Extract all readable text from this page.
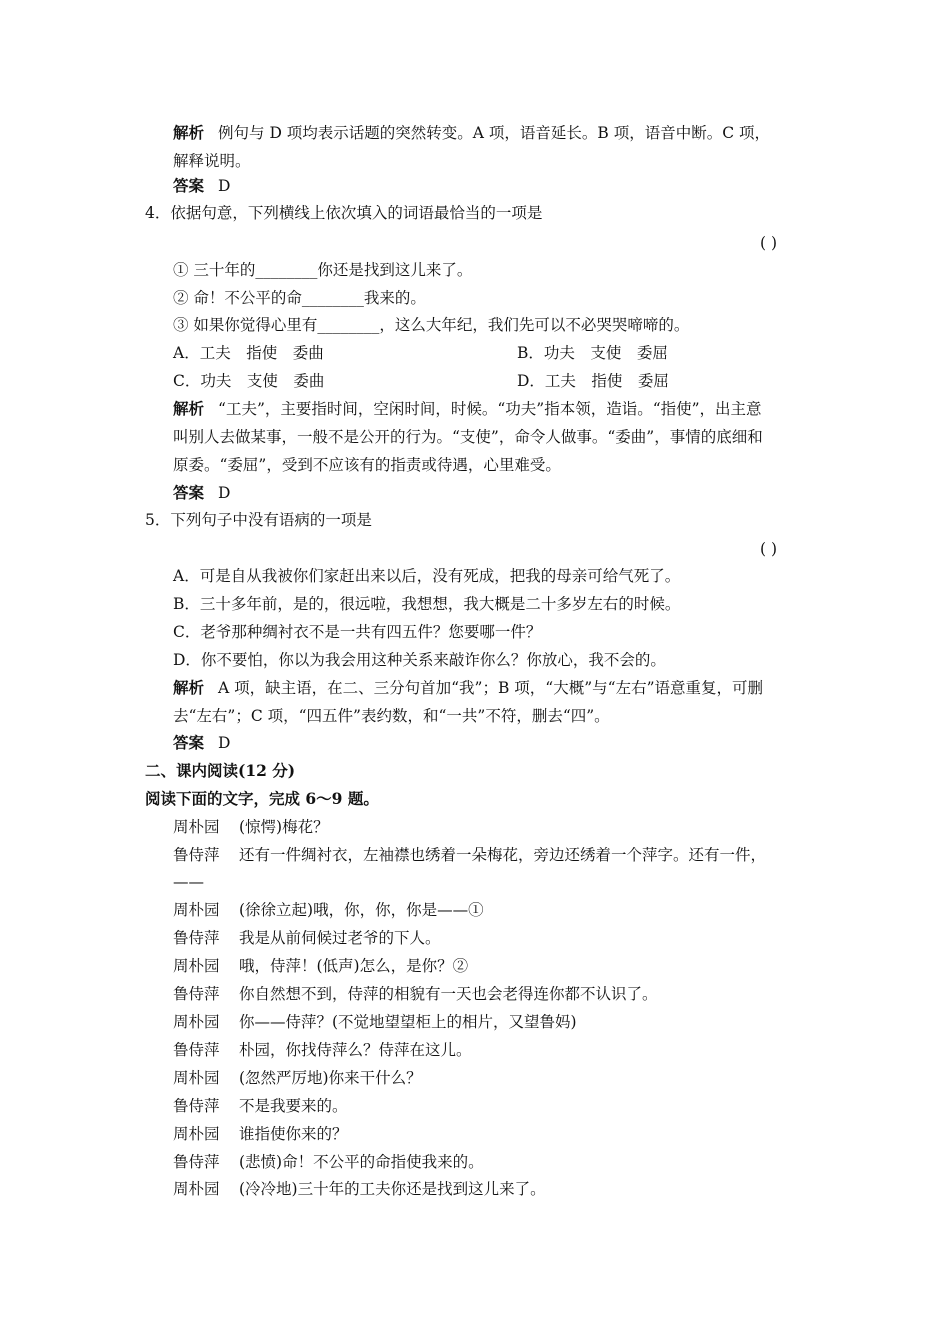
解析 例句与 D 项均表示话题的突然转变。A 项，语音延长。B 项，语音中断。C 项，
解释说明。
答案 D
4．依据句意，下列横线上依次填入的词语最恰当的一项是
( )
① 三十年的________你还是找到这儿来了。
② 命！不公平的命________我来的。
③ 如果你觉得心里有________，这么大年纪，我们先可以不必哭哭啼啼的。
A．工夫　指使　委曲	B．功夫　支使　委屈
C．功夫　支使　委曲	D．工夫　指使　委屈
解析 “工夫”，主要指时间，空闲时间，时候。“功夫”指本领，造诣。“指使”，出主意
叫别人去做某事，一般不是公开的行为。“支使”，命令人做事。“委曲”，事情的底细和
原委。“委屈”，受到不应该有的指责或待遇，心里难受。
答案 D
5．下列句子中没有语病的一项是
( )
A．可是自从我被你们家赶出来以后，没有死成，把我的母亲可给气死了。
B．三十多年前，是的，很远啦，我想想，我大概是二十多岁左右的时候。
C．老爷那种绸衬衣不是一共有四五件？您要哪一件？
D．你不要怕，你以为我会用这种关系来敲诈你么？你放心，我不会的。
解析 A 项，缺主语，在二、三分句首加“我”；B 项，“大概”与“左右”语意重复，可删
去“左右”；C 项，“四五件”表约数，和“一共”不符，删去“四”。
答案 D
二、课内阅读(12 分)
阅读下面的文字，完成 6～9 题。
周朴园 (惊愕)梅花？
鲁侍萍 还有一件绸衬衣，左袖襟也绣着一朵梅花，旁边还绣着一个萍字。还有一件，
——
周朴园 (徐徐立起)哦，你，你，你是——①
鲁侍萍 我是从前伺候过老爷的下人。
周朴园 哦，侍萍！(低声)怎么，是你？②
鲁侍萍 你自然想不到，侍萍的相貌有一天也会老得连你都不认识了。
周朴园 你——侍萍？(不觉地望望柜上的相片，又望鲁妈)
鲁侍萍 朴园，你找侍萍么？侍萍在这儿。
周朴园 (忽然严厉地)你来干什么？
鲁侍萍 不是我要来的。
周朴园 谁指使你来的？
鲁侍萍 (悲愤)命！不公平的命指使我来的。
周朴园 (冷冷地)三十年的工夫你还是找到这儿来了。
